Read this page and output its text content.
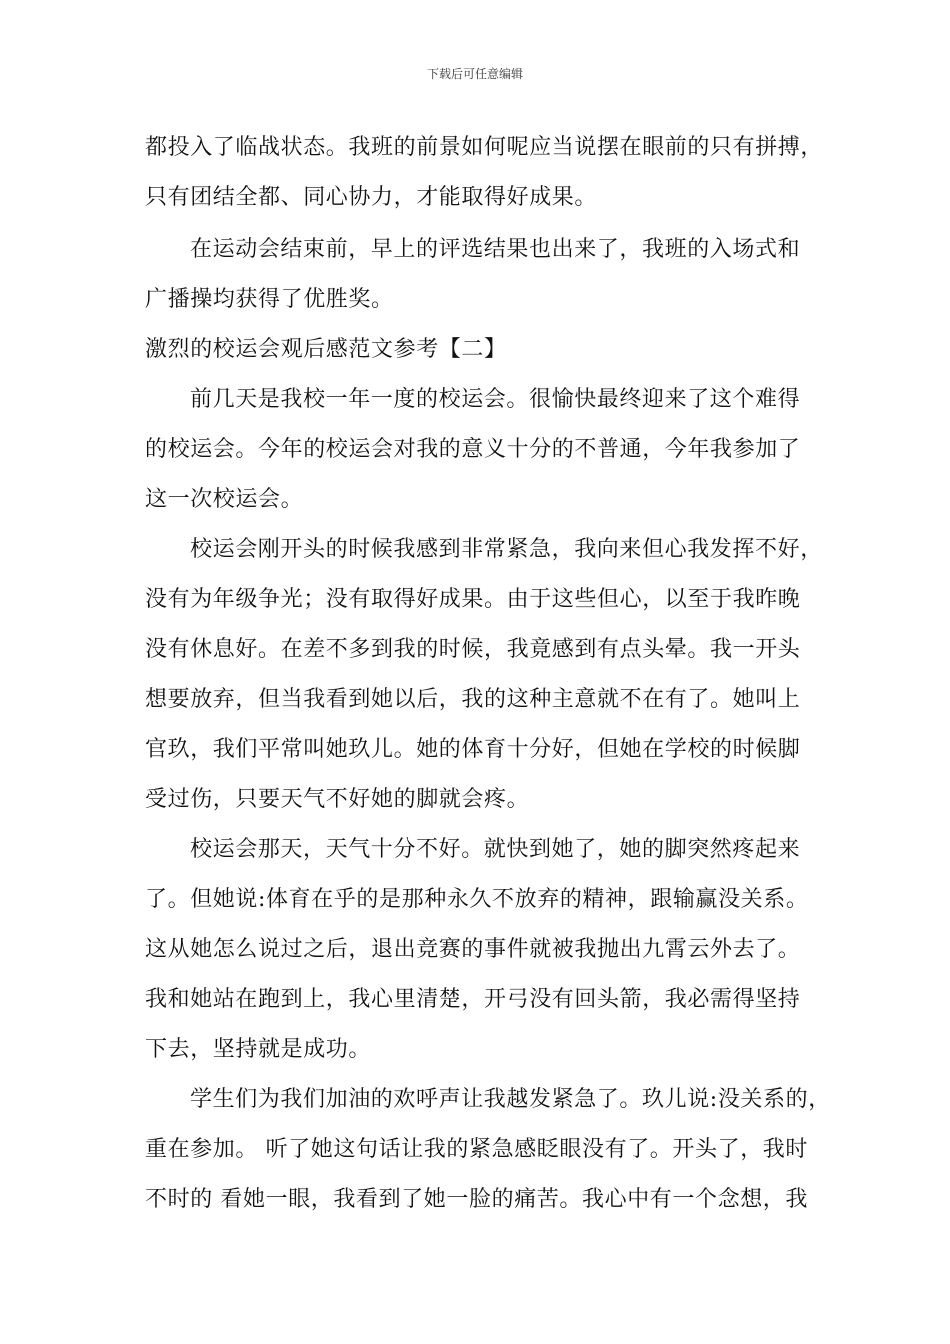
下载后可任意编辑
都投入了临战状态。我班的前景如何呢应当说摆在眼前的只有拼搏，
只有团结全都、同心协力，才能取得好成果。
在运动会结束前，早上的评选结果也出来了，我班的入场式和
广播操均获得了优胜奖。
激烈的校运会观后感范文参考【二】
前几天是我校一年一度的校运会。很愉快最终迎来了这个难得
的校运会。今年的校运会对我的意义十分的不普通，今年我参加了
这一次校运会。
校运会刚开头的时候我感到非常紧急，我向来但心我发挥不好，
没有为年级争光；没有取得好成果。由于这些但心，以至于我昨晚
没有休息好。在差不多到我的时候，我竟感到有点头晕。我一开头
想要放弃，但当我看到她以后，我的这种主意就不在有了。她叫上
官玖，我们平常叫她玖儿。她的体育十分好，但她在学校的时候脚
受过伤，只要天气不好她的脚就会疼。
校运会那天，天气十分不好。就快到她了，她的脚突然疼起来
了。但她说:体育在乎的是那种永久不放弃的精神，跟输赢没关系。
这从她怎么说过之后，退出竞赛的事件就被我抛出九霄云外去了。
我和她站在跑到上，我心里清楚，开弓没有回头箭，我必需得坚持
下去，坚持就是成功。
学生们为我们加油的欢呼声让我越发紧急了。玖儿说:没关系的，
重在参加。 听了她这句话让我的紧急感眨眼没有了。开头了，我时
不时的 看她一眼，我看到了她一脸的痛苦。我心中有一个念想，我
